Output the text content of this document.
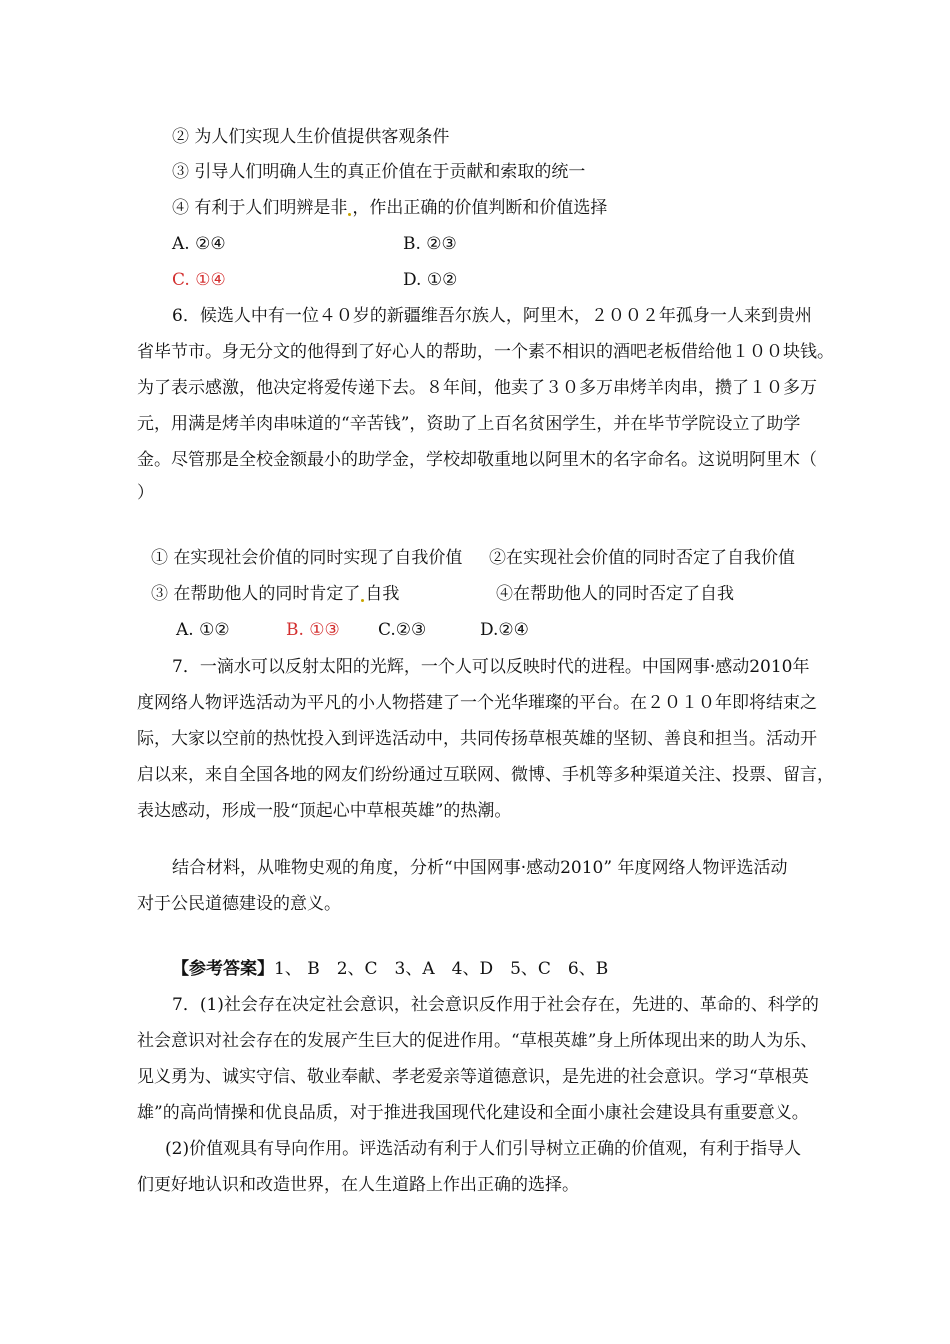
② 为人们实现人生价值提供客观条件
③ 引导人们明确人生的真正价值在于贡献和索取的统一
④ 有利于人们明辨是非 ，作出正确的价值判断和价值选择
A. ②④	B. ②③
C. ①④	D. ①②
6．候选人中有一位４０岁的新疆维吾尔族人，阿里木，２００２年孤身一人来到贵州
省毕节市。身无分文的他得到了好心人的帮助，一个素不相识的酒吧老板借给他１００块钱。
为了表示感激，他决定将爱传递下去。８年间，他卖了３０多万串烤羊肉串，攒了１０多万
元，用满是烤羊肉串味道的“辛苦钱”，资助了上百名贫困学生，并在毕节学院设立了助学
金。尽管那是全校金额最小的助学金，学校却敬重地以阿里木的名字命名。这说明阿里木（
）
① 在实现社会价值的同时实现了自我价值 ②在实现社会价值的同时否定了自我价值
③ 在帮助他人的同时肯定了 自我	④在帮助他人的同时否定了自我
A. ①②	B. ①③ C.②③	D.②④
7．一滴水可以反射太阳的光辉，一个人可以反映时代的进程。中国网事·感动2010年
度网络人物评选活动为平凡的小人物搭建了一个光华璀璨的平台。在２０１０年即将结束之
际，大家以空前的热忱投入到评选活动中，共同传扬草根英雄的坚韧、善良和担当。活动开
启以来，来自全国各地的网友们纷纷通过互联网、微博、手机等多种渠道关注、投票、留言，
表达感动，形成一股“顶起心中草根英雄”的热潮。
结合材料，从唯物史观的角度，分析“中国网事·感动2010” 年度网络人物评选活动
对于公民道德建设的意义。
【参考答案】1、 B　2、C　3、A　4、D　5、C　6、B
7．(1)社会存在决定社会意识，社会意识反作用于社会存在，先进的、革命的、科学的
社会意识对社会存在的发展产生巨大的促进作用。“草根英雄”身上所体现出来的助人为乐、
见义勇为、诚实守信、敬业奉献、孝老爱亲等道德意识，是先进的社会意识。学习“草根英
雄”的高尚情操和优良品质，对于推进我国现代化建设和全面小康社会建设具有重要意义。
(2)价值观具有导向作用。评选活动有利于人们引导树立正确的价值观，有利于指导人
们更好地认识和改造世界，在人生道路上作出正确的选择。
